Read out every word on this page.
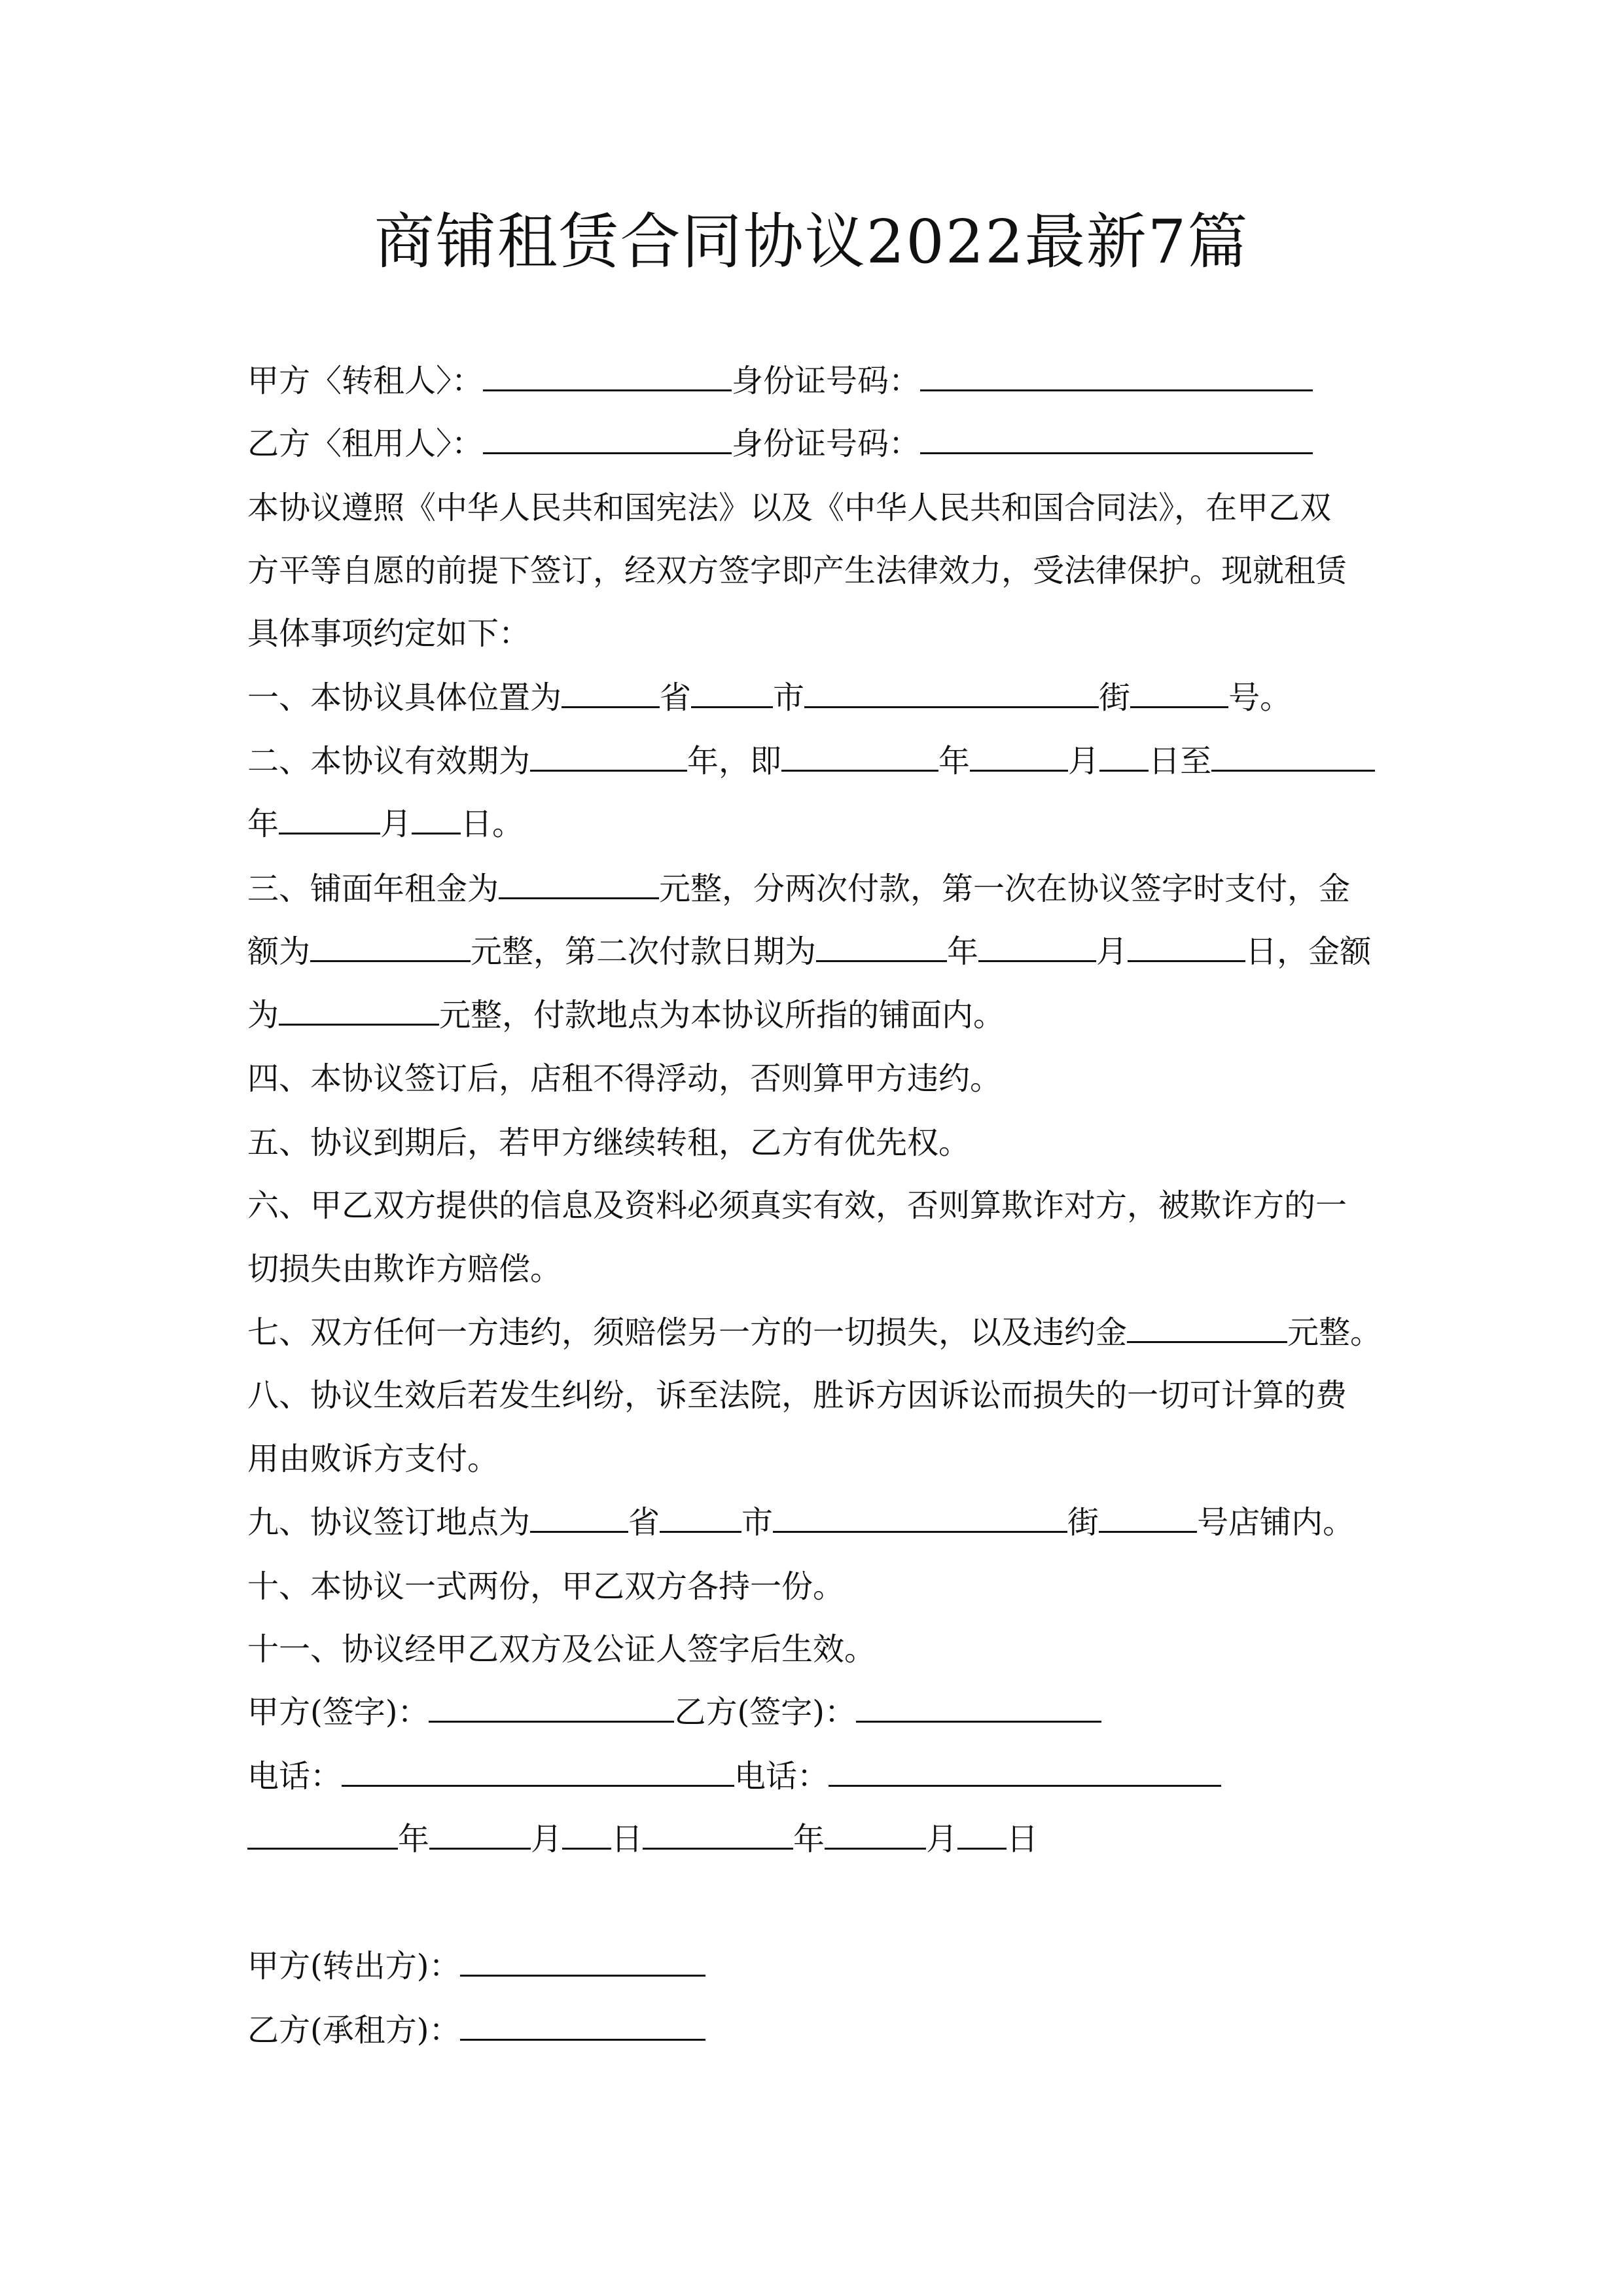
商铺租赁合同协议2022最新7篇
甲方〈转租人〉：	身份证号码：
乙方〈租用人〉：	身份证号码：
本协议遵照《中华人民共和国宪法》以及《中华人民共和国合同法》，在甲乙双
方平等自愿的前提下签订，经双方签字即产生法律效力，受法律保护。现就租赁
具体事项约定如下：
一、本协议具体位置为	省	市	街	号。
二、本协议有效期为	年，即	年	月 日至
年	月 日。
三、铺面年租金为	元整，分两次付款，第一次在协议签字时支付，金
额为	元整，第二次付款日期为	年	月	日，金额
为	元整，付款地点为本协议所指的铺面内。
四、本协议签订后，店租不得浮动，否则算甲方违约。
五、协议到期后，若甲方继续转租，乙方有优先权。
六、甲乙双方提供的信息及资料必须真实有效，否则算欺诈对方，被欺诈方的一
切损失由欺诈方赔偿。
七、双方任何一方违约，须赔偿另一方的一切损失，以及违约金	元整。
八、协议生效后若发生纠纷，诉至法院，胜诉方因诉讼而损失的一切可计算的费
用由败诉方支付。
九、协议签订地点为	省	市	街	号店铺内。
十、本协议一式两份，甲乙双方各持一份。
十一、协议经甲乙双方及公证人签字后生效。
甲方(签字)：	乙方(签字)：
电话：	电话：
年	月 日	年	月 日
甲方(转出方)：
乙方(承租方)：
